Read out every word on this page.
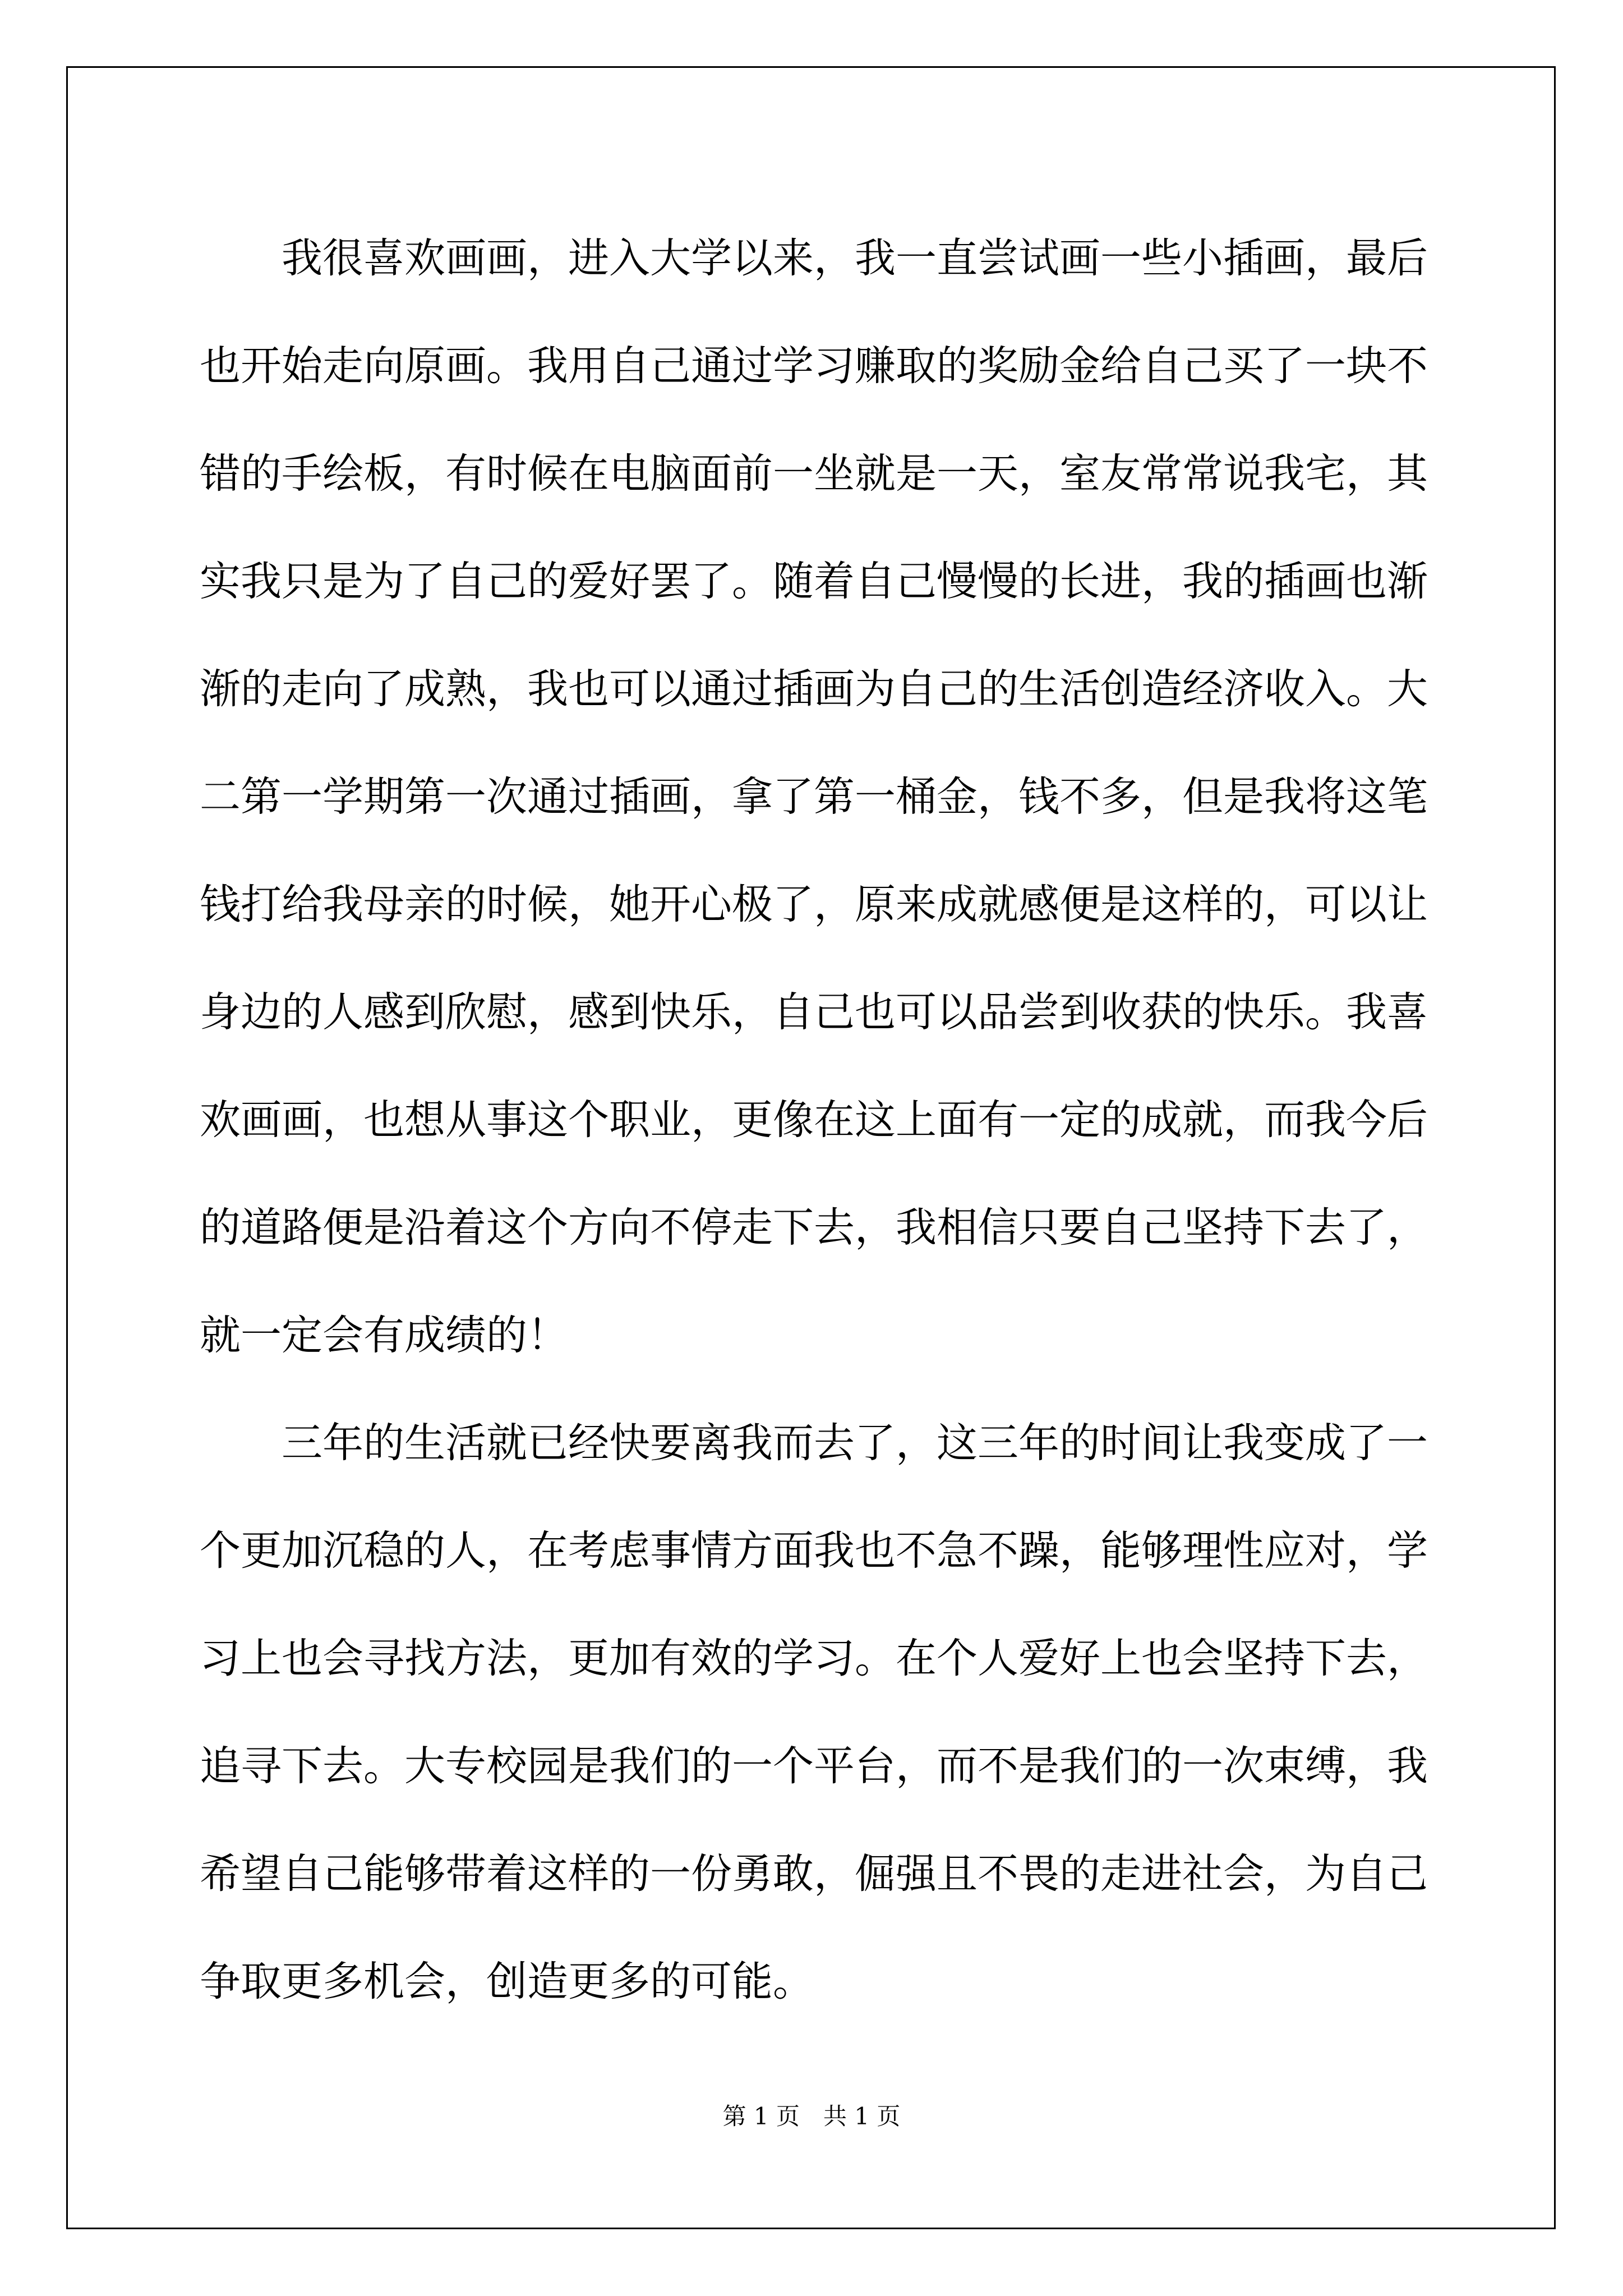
我很喜欢画画，进入大学以来，我一直尝试画一些小插画，最后也开始走向原画。我用自己通过学习赚取的奖励金给自己买了一块不错的手绘板，有时候在电脑面前一坐就是一天，室友常常说我宅，其实我只是为了自己的爱好罢了。随着自己慢慢的长进，我的插画也渐渐的走向了成熟，我也可以通过插画为自己的生活创造经济收入。大二第一学期第一次通过插画，拿了第一桶金，钱不多，但是我将这笔钱打给我母亲的时候，她开心极了，原来成就感便是这样的，可以让身边的人感到欣慰，感到快乐，自己也可以品尝到收获的快乐。我喜欢画画，也想从事这个职业，更像在这上面有一定的成就，而我今后的道路便是沿着这个方向不停走下去，我相信只要自己坚持下去了，就一定会有成绩的！

三年的生活就已经快要离我而去了，这三年的时间让我变成了一个更加沉稳的人，在考虑事情方面我也不急不躁，能够理性应对，学习上也会寻找方法，更加有效的学习。在个人爱好上也会坚持下去，追寻下去。大专校园是我们的一个平台，而不是我们的一次束缚，我希望自己能够带着这样的一份勇敢，倔强且不畏的走进社会，为自己争取更多机会，创造更多的可能。

第 1 页　共 1 页
